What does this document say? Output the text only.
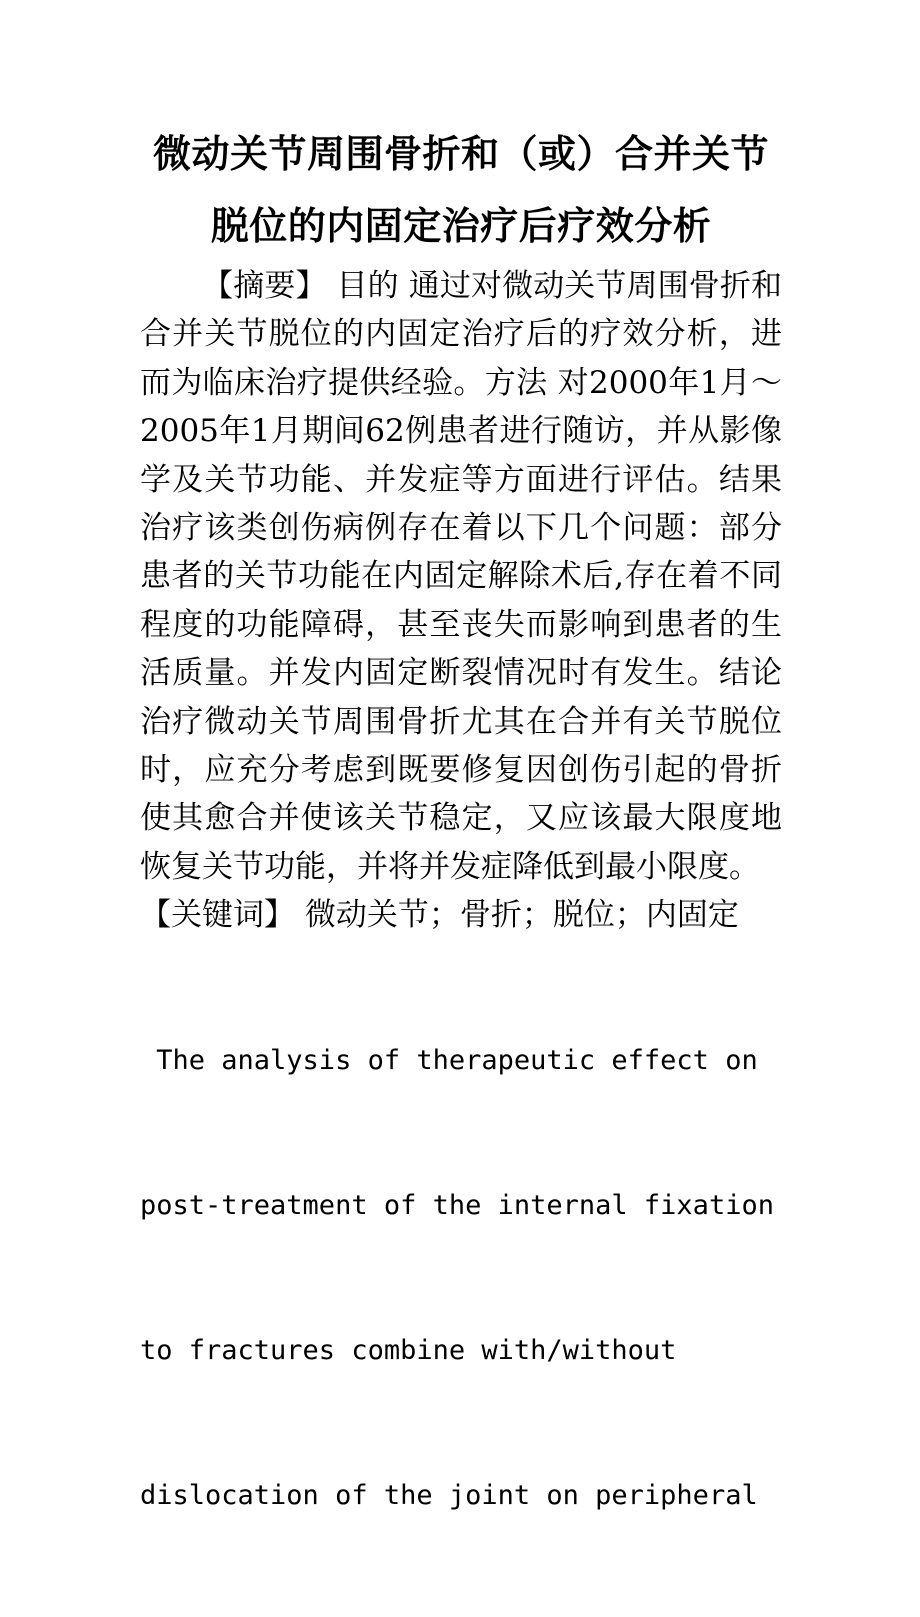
微动关节周围骨折和（或）合并关节
脱位的内固定治疗后疗效分析
【摘要】 目的 通过对微动关节周围骨折和合并关节脱位的内固定治疗后的疗效分析，进而为临床治疗提供经验。方法 对2000年1月～2005年1月期间62例患者进行随访，并从影像学及关节功能、并发症等方面进行评估。结果 治疗该类创伤病例存在着以下几个问题：部分患者的关节功能在内固定解除术后,存在着不同程度的功能障碍，甚至丧失而影响到患者的生活质量。并发内固定断裂情况时有发生。结论 治疗微动关节周围骨折尤其在合并有关节脱位时，应充分考虑到既要修复因创伤引起的骨折使其愈合并使该关节稳定，又应该最大限度地恢复关节功能，并将并发症降低到最小限度。
【关键词】 微动关节；骨折；脱位；内固定

The analysis of therapeutic effect on

post-treatment of the internal fixation

to fractures combine with/without

dislocation of the joint on peripheral
